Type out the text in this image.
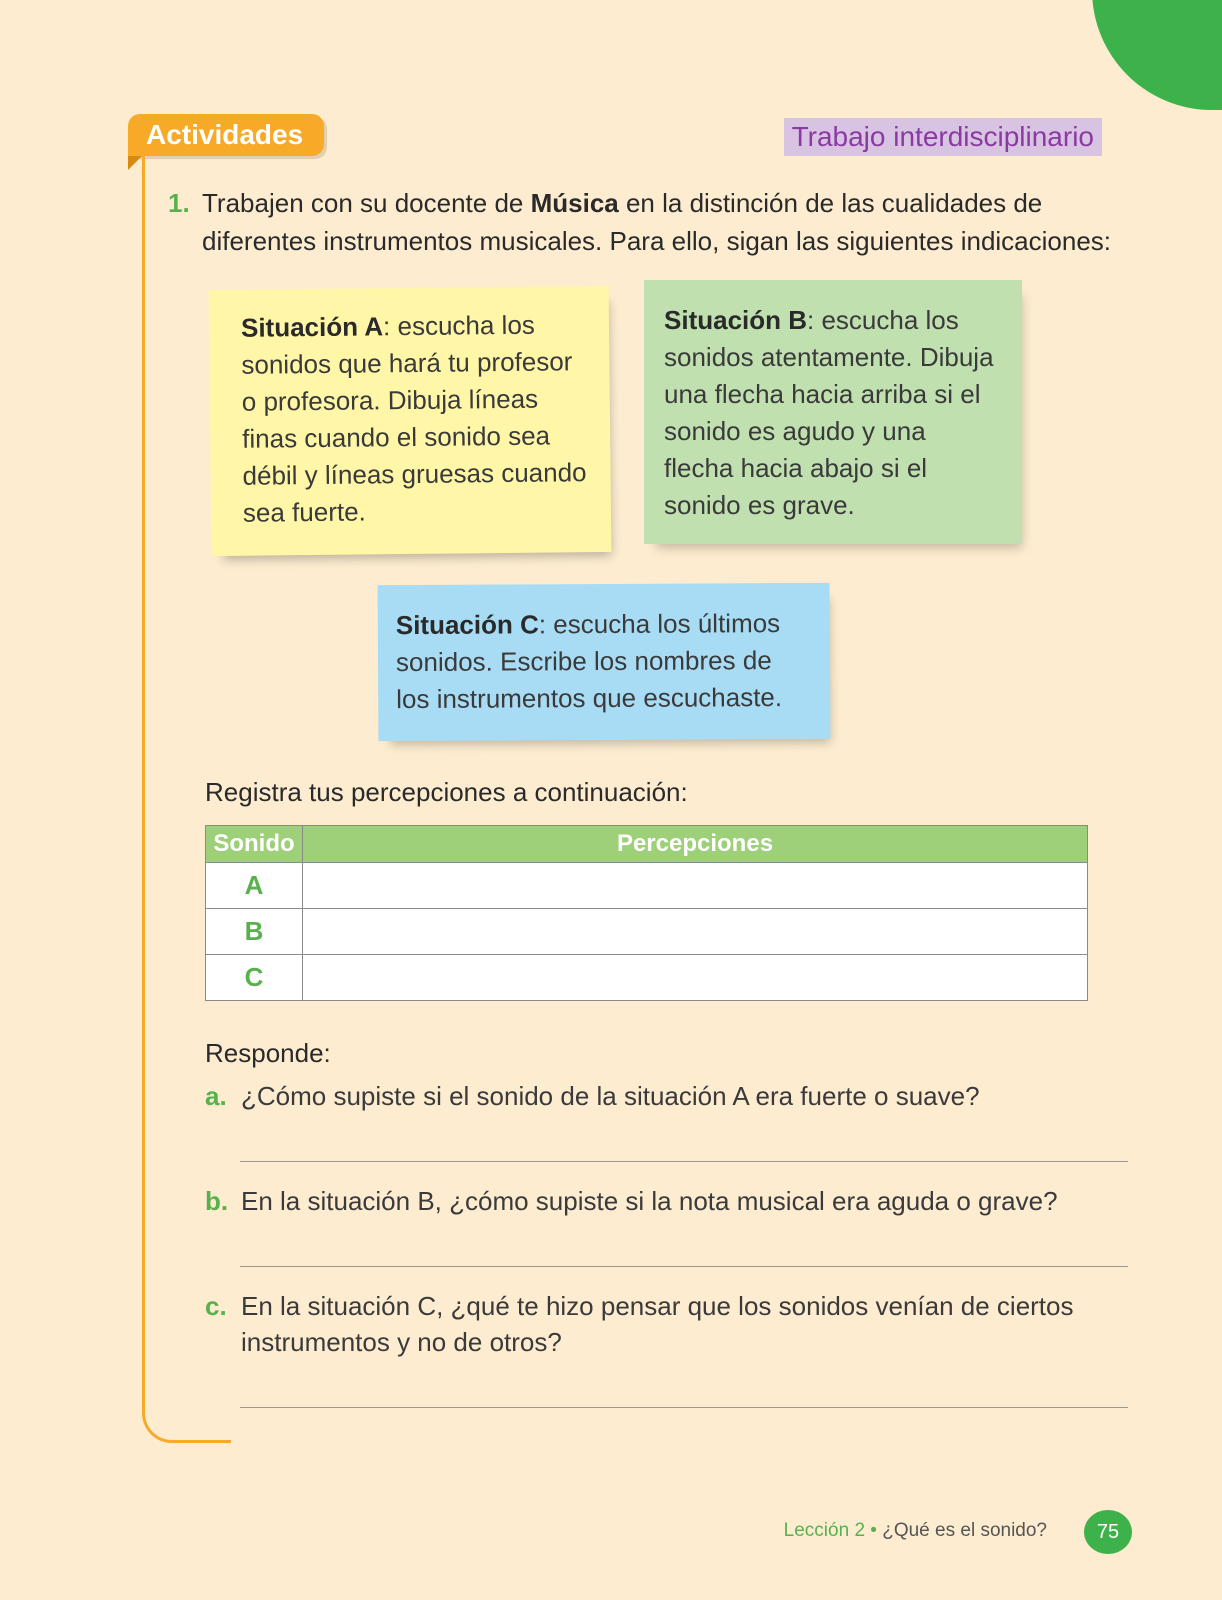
Actividades	Trabajo interdisciplinario
1. Trabajen con su docente de Música en la distinción de las cualidades de diferentes instrumentos musicales. Para ello, sigan las siguientes indicaciones:
Situación A: escucha los sonidos que hará tu profesor o profesora. Dibuja líneas finas cuando el sonido sea débil y líneas gruesas cuando sea fuerte.
Situación B: escucha los sonidos atentamente. Dibuja una flecha hacia arriba si el sonido es agudo y una flecha hacia abajo si el sonido es grave.
Situación C: escucha los últimos sonidos. Escribe los nombres de los instrumentos que escuchaste.
Registra tus percepciones a continuación:
Sonido	Percepciones
A	
B	
C	
Responde:
a. ¿Cómo supiste si el sonido de la situación A era fuerte o suave?
b. En la situación B, ¿cómo supiste si la nota musical era aguda o grave?
c. En la situación C, ¿qué te hizo pensar que los sonidos venían de ciertos instrumentos y no de otros?
Lección 2 • ¿Qué es el sonido?	75
